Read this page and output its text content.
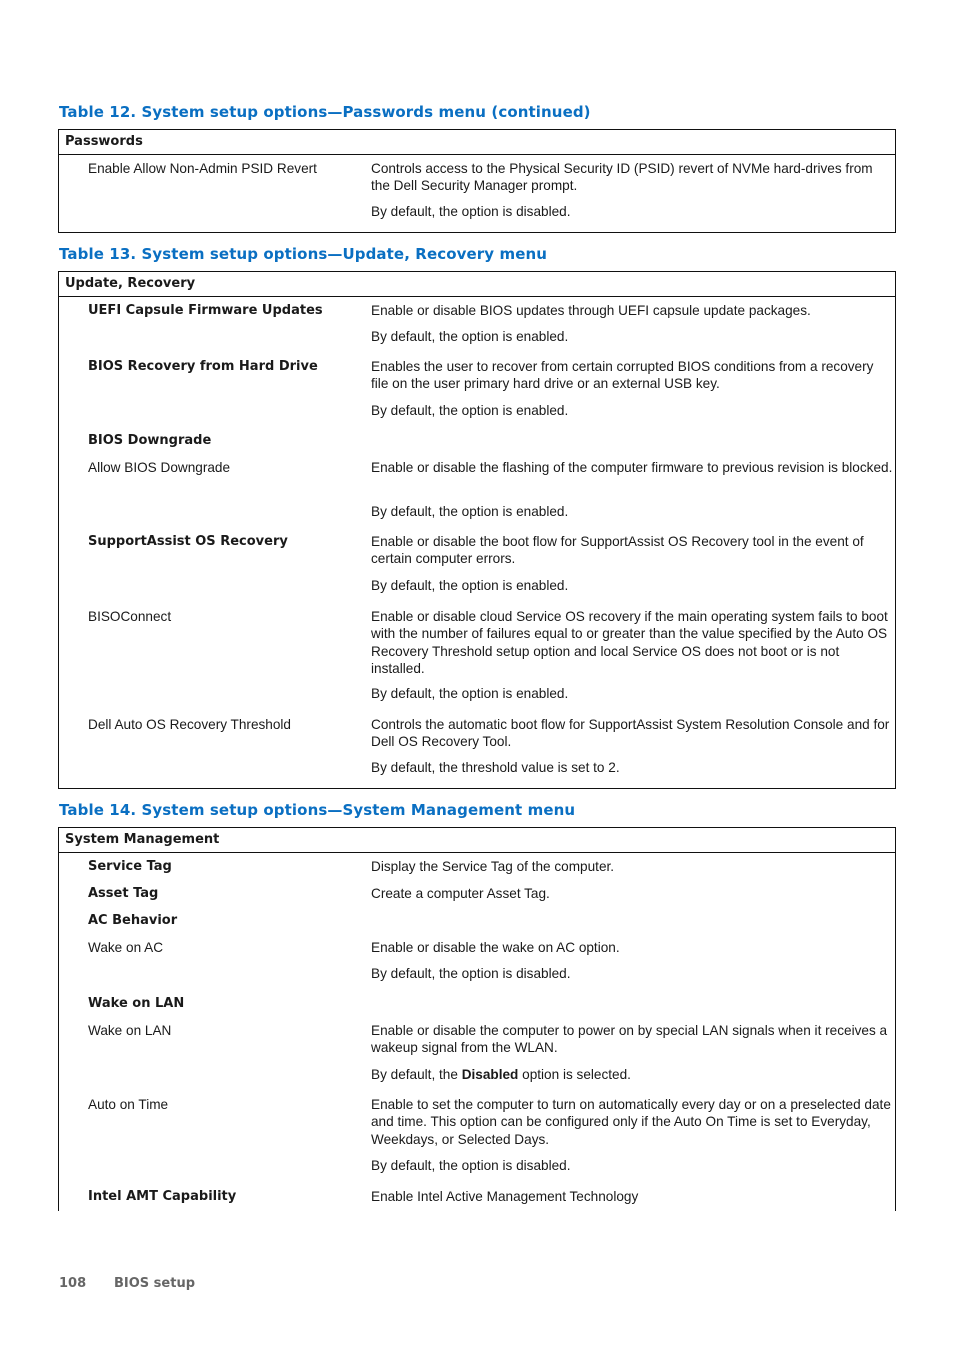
Table 12. System setup options—Passwords menu (continued)
Passwords
Enable Allow Non-Admin PSID Revert	Controls access to the Physical Security ID (PSID) revert of NVMe hard-drives from the Dell Security Manager prompt.
By default, the option is disabled.
Table 13. System setup options—Update, Recovery menu
Update, Recovery
UEFI Capsule Firmware Updates	Enable or disable BIOS updates through UEFI capsule update packages.
By default, the option is enabled.
BIOS Recovery from Hard Drive	Enables the user to recover from certain corrupted BIOS conditions from a recovery file on the user primary hard drive or an external USB key.
By default, the option is enabled.
BIOS Downgrade
Allow BIOS Downgrade	Enable or disable the flashing of the computer firmware to previous revision is blocked.
By default, the option is enabled.
SupportAssist OS Recovery	Enable or disable the boot flow for SupportAssist OS Recovery tool in the event of certain computer errors.
By default, the option is enabled.
BISOConnect	Enable or disable cloud Service OS recovery if the main operating system fails to boot with the number of failures equal to or greater than the value specified by the Auto OS Recovery Threshold setup option and local Service OS does not boot or is not installed.
By default, the option is enabled.
Dell Auto OS Recovery Threshold	Controls the automatic boot flow for SupportAssist System Resolution Console and for Dell OS Recovery Tool.
By default, the threshold value is set to 2.
Table 14. System setup options—System Management menu
System Management
Service Tag	Display the Service Tag of the computer.
Asset Tag	Create a computer Asset Tag.
AC Behavior
Wake on AC	Enable or disable the wake on AC option.
By default, the option is disabled.
Wake on LAN
Wake on LAN	Enable or disable the computer to power on by special LAN signals when it receives a wakeup signal from the WLAN.
By default, the Disabled option is selected.
Auto on Time	Enable to set the computer to turn on automatically every day or on a preselected date and time. This option can be configured only if the Auto On Time is set to Everyday, Weekdays, or Selected Days.
By default, the option is disabled.
Intel AMT Capability	Enable Intel Active Management Technology
108 BIOS setup
